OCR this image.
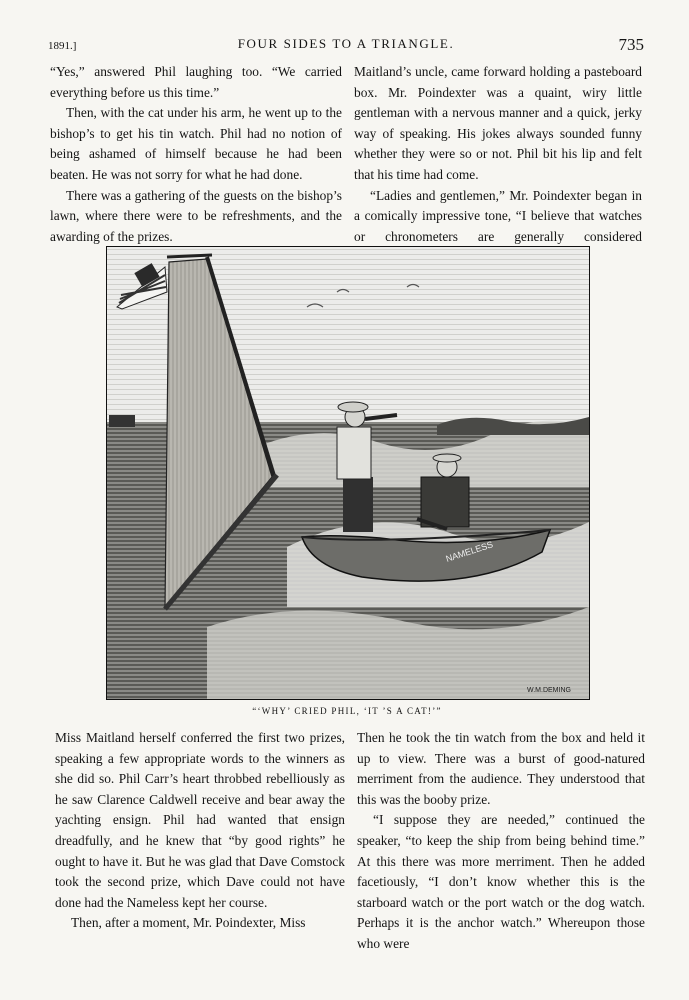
1891.]	FOUR SIDES TO A TRIANGLE.	735

“Yes,” answered Phil laughing too. “We carried everything before us this time.”

Then, with the cat under his arm, he went up to the bishop’s to get his tin watch. Phil had no notion of being ashamed of himself because he had been beaten. He was not sorry for what he had done.

There was a gathering of the guests on the bishop’s lawn, where there were to be refreshments, and the awarding of the prizes.

Maitland’s uncle, came forward holding a pasteboard box. Mr. Poindexter was a quaint, wiry little gentleman with a nervous manner and a quick, jerky way of speaking. His jokes always sounded funny whether they were so or not. Phil bit his lip and felt that his time had come.

“Ladies and gentlemen,” Mr. Poindexter began in a comically impressive tone, “I believe that watches or chronometers are generally considered

NAMELESS
W.M.DEMING
“‘WHY’ CRIED PHIL, ‘IT ’S A CAT!’”

Miss Maitland herself conferred the first two prizes, speaking a few appropriate words to the winners as she did so. Phil Carr’s heart throbbed rebelliously as he saw Clarence Caldwell receive and bear away the yachting ensign. Phil had wanted that ensign dreadfully, and he knew that “by good rights” he ought to have it. But he was glad that Dave Comstock took the second prize, which Dave could not have done had the Nameless kept her course.

Then, after a moment, Mr. Poindexter, Miss

Then he took the tin watch from the box and held it up to view. There was a burst of good-natured merriment from the audience. They understood that this was the booby prize.

“I suppose they are needed,” continued the speaker, “to keep the ship from being behind time.” At this there was more merriment. Then he added facetiously, “I don’t know whether this is the starboard watch or the port watch or the dog watch. Perhaps it is the anchor watch.” Whereupon those who were
